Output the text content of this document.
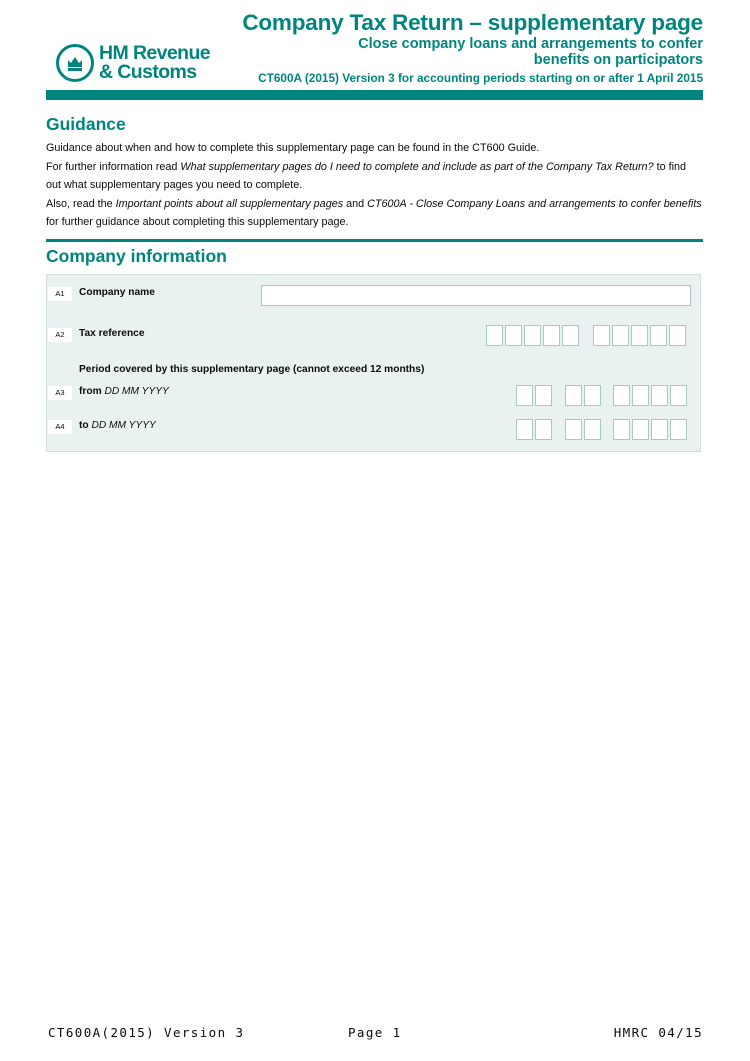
HM Revenue
& Customs
Company Tax Return – supplementary page
Close company loans and arrangements to confer
benefits on participators
CT600A (2015) Version 3 for accounting periods starting on or after 1 April 2015
Guidance

Guidance about when and how to complete this supplementary page can be found in the CT600 Guide.

For further information read What supplementary pages do I need to complete and include as part of the Company Tax Return? to find out what supplementary pages you need to complete.

Also, read the Important points about all supplementary pages and CT600A - Close Company Loans and arrangements to confer benefits for further guidance about completing this supplementary page.

Company information
A1	Company name
A2	Tax reference
Period covered by this supplementary page (cannot exceed 12 months)
A3	from DD MM YYYY
A4	to DD MM YYYY
CT600A(2015) Version 3	Page 1	HMRC 04/15
